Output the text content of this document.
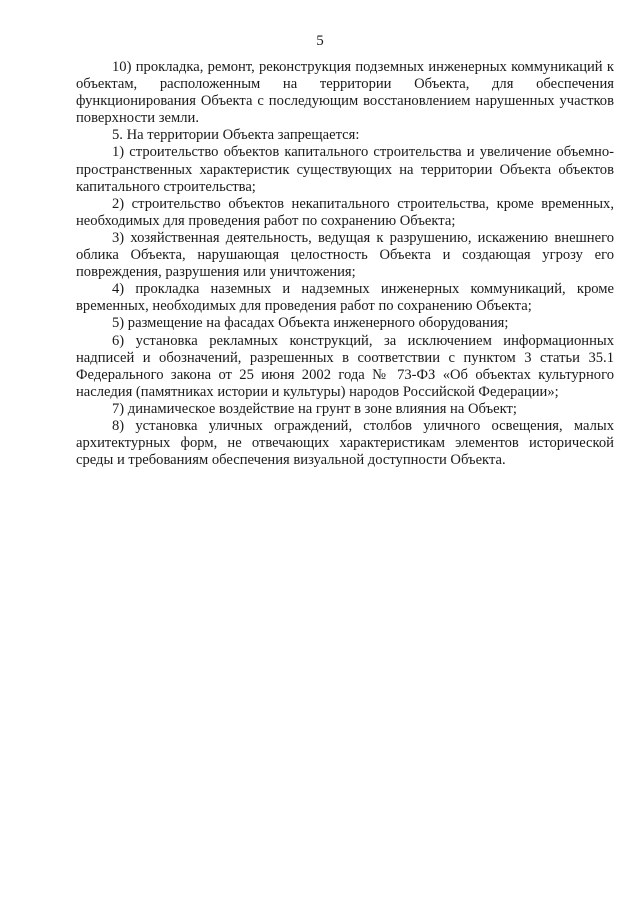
5

10) прокладка, ремонт, реконструкция подземных инженерных коммуникаций к объектам, расположенным на территории Объекта, для обеспечения функционирования Объекта с последующим восстановлением нарушенных участков поверхности земли.

5. На территории Объекта запрещается:

1) строительство объектов капитального строительства и увеличение объемно-пространственных характеристик существующих на территории Объекта объектов капитального строительства;

2) строительство объектов некапитального строительства, кроме временных, необходимых для проведения работ по сохранению Объекта;

3) хозяйственная деятельность, ведущая к разрушению, искажению внешнего облика Объекта, нарушающая целостность Объекта и создающая угрозу его повреждения, разрушения или уничтожения;

4) прокладка наземных и надземных инженерных коммуникаций, кроме временных, необходимых для проведения работ по сохранению Объекта;

5) размещение на фасадах Объекта инженерного оборудования;

6) установка рекламных конструкций, за исключением информационных надписей и обозначений, разрешенных в соответствии с пунктом 3 статьи 35.1 Федерального закона от 25 июня 2002 года № 73-ФЗ «Об объектах культурного наследия (памятниках истории и культуры) народов Российской Федерации»;

7) динамическое воздействие на грунт в зоне влияния на Объект;

8) установка уличных ограждений, столбов уличного освещения, малых архитектурных форм, не отвечающих характеристикам элементов исторической среды и требованиям обеспечения визуальной доступности Объекта.
